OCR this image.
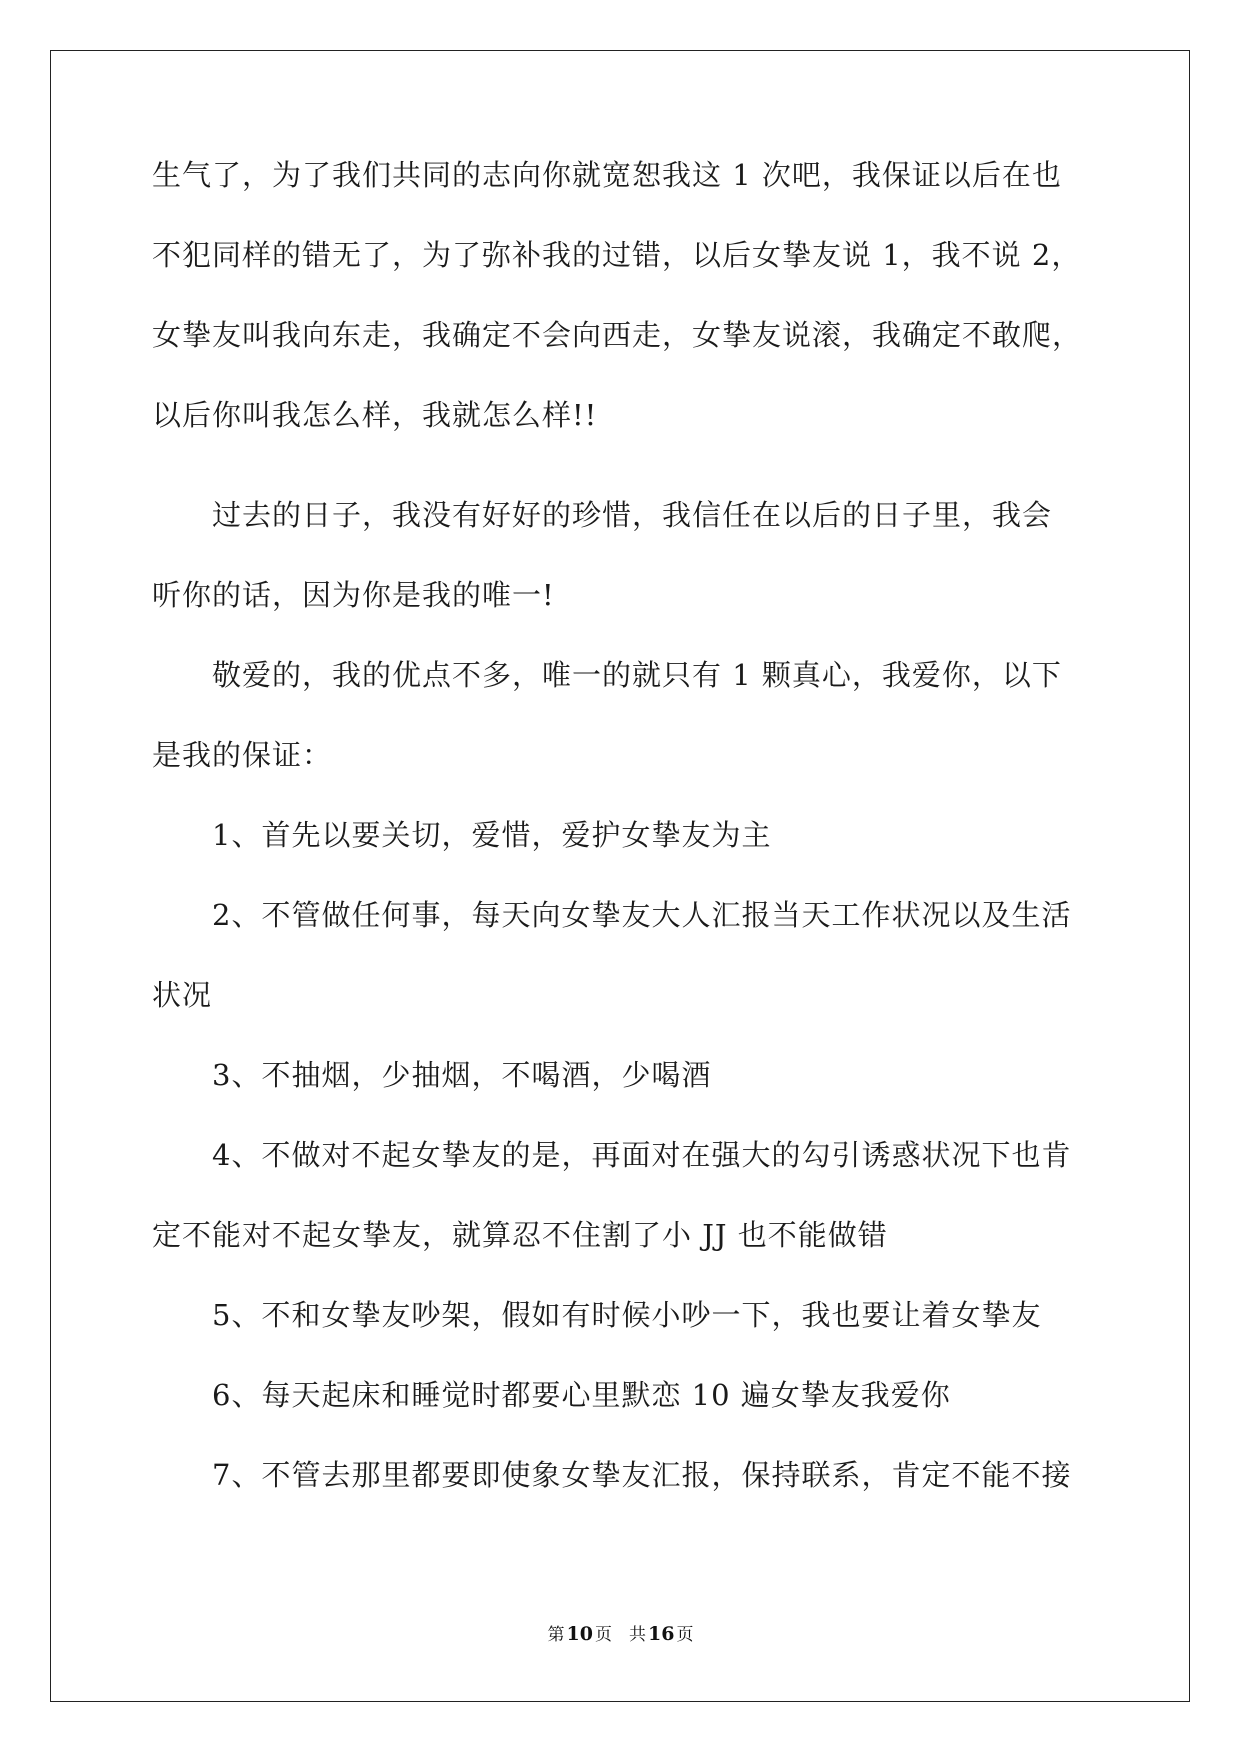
生气了，为了我们共同的志向你就宽恕我这 1 次吧，我保证以后在也
不犯同样的错无了，为了弥补我的过错，以后女挚友说 1，我不说 2，
女挚友叫我向东走，我确定不会向西走，女挚友说滚，我确定不敢爬，
以后你叫我怎么样，我就怎么样!!
过去的日子，我没有好好的珍惜，我信任在以后的日子里，我会
听你的话，因为你是我的唯一!
敬爱的，我的优点不多，唯一的就只有 1 颗真心，我爱你，以下
是我的保证：
1、首先以要关切，爱惜，爱护女挚友为主
2、不管做任何事，每天向女挚友大人汇报当天工作状况以及生活
状况
3、不抽烟，少抽烟，不喝酒，少喝酒
4、不做对不起女挚友的是，再面对在强大的勾引诱惑状况下也肯
定不能对不起女挚友，就算忍不住割了小 JJ 也不能做错
5、不和女挚友吵架，假如有时候小吵一下，我也要让着女挚友
6、每天起床和睡觉时都要心里默恋 10 遍女挚友我爱你
7、不管去那里都要即使象女挚友汇报，保持联系，肯定不能不接
第 10 页　共 16 页
